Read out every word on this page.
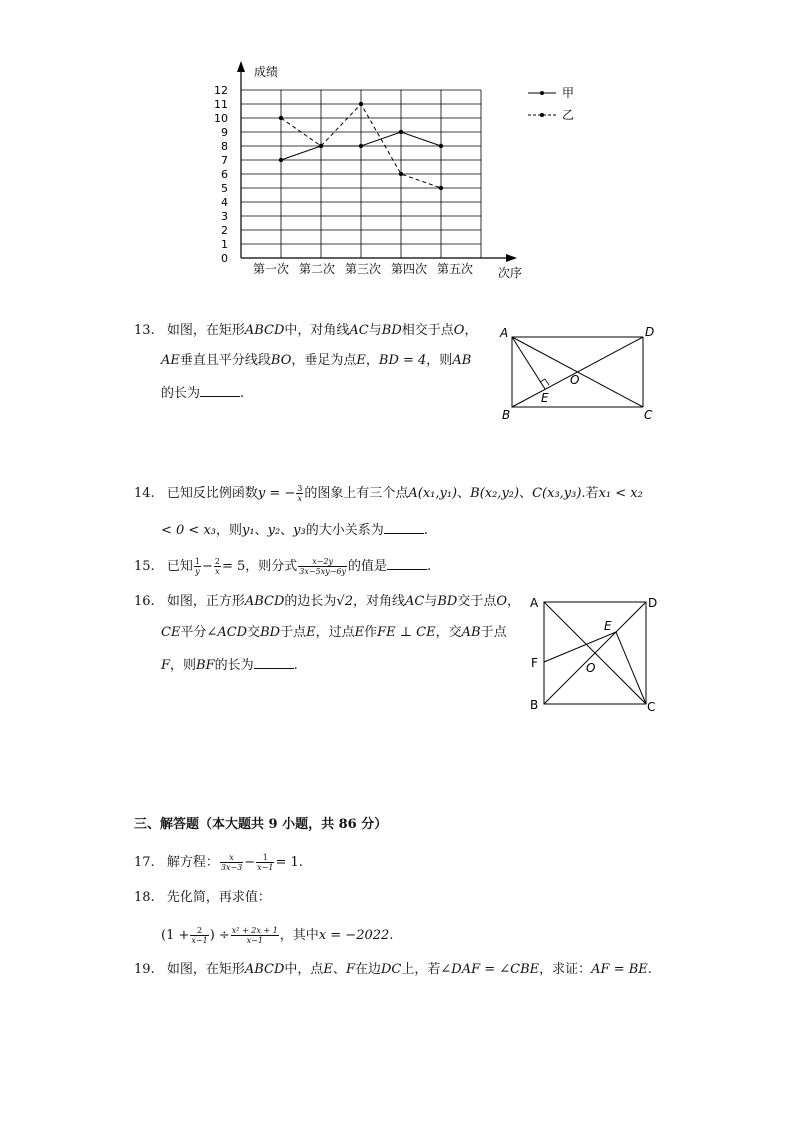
成绩
次序
0
1
2
3
4
5
6
7
8
9
10
11
12
第一次 第二次 第三次 第四次 第五次
甲
乙
13. 如图，在矩形ABCD中，对角线AC与BD相交于点O，
AE垂直且平分线段BO，垂足为点E，BD = 4，则AB
的长为	.
A	D
B	C
E
O
14. 已知反比例函数y = − $\frac{3}{x}$ 的图象上有三个点A(x₁,y₁)、B(x₂,y₂)、C(x₃,y₃).若x₁ < x₂
< 0 < x₃，则y₁、y₂、y₃的大小关系为	.
15. 已知 $\frac{1}{y} - \frac{2}{x} = 5$，则分式 $\frac{x-2y}{3x-5xy-6y}$ 的值是	.
16. 如图，正方形ABCD的边长为√2，对角线AC与BD交于点O，
CE平分∠ACD交BD于点E，过点E作FE ⊥ CE，交AB于点
F，则BF的长为	.
A	D
B	C
F
E
O
三、解答题（本大题共 9 小题，共 86 分）
17. 解方程： $\frac{x}{3x-3} - \frac{1}{x-1} = 1$.
18. 先化简，再求值：
($1 + \frac{2}{x-1}$ ) ÷ $\frac{\text{x² + 2x + 1}}{x-1}$ ，其中x = −2022.
19. 如图，在矩形ABCD中，点E、F在边DC上，若∠DAF = ∠CBE，求证：AF = BE.
